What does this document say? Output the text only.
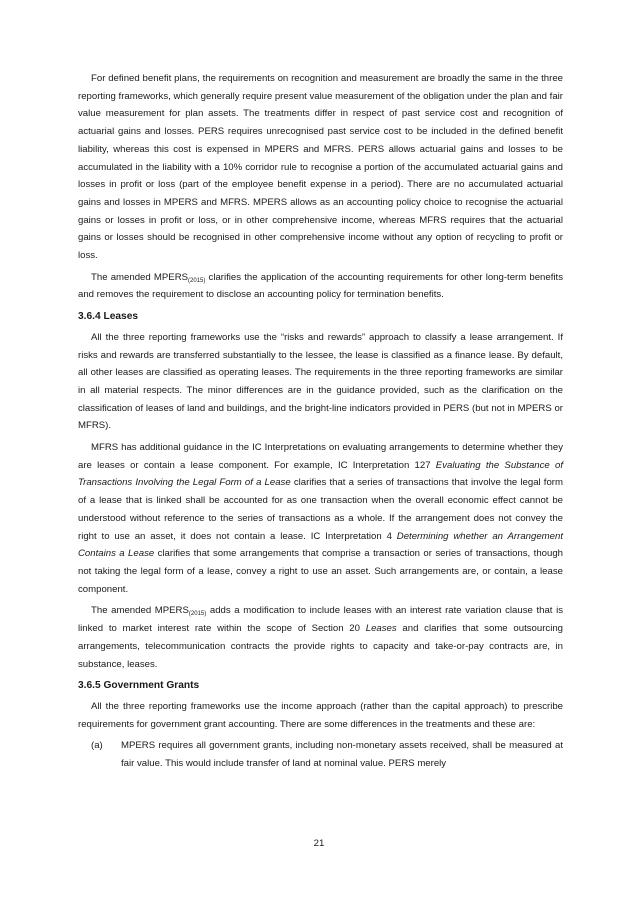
For defined benefit plans, the requirements on recognition and measurement are broadly the same in the three reporting frameworks, which generally require present value measurement of the obligation under the plan and fair value measurement for plan assets. The treatments differ in respect of past service cost and recognition of actuarial gains and losses. PERS requires unrecognised past service cost to be included in the defined benefit liability, whereas this cost is expensed in MPERS and MFRS. PERS allows actuarial gains and losses to be accumulated in the liability with a 10% corridor rule to recognise a portion of the accumulated actuarial gains and losses in profit or loss (part of the employee benefit expense in a period). There are no accumulated actuarial gains and losses in MPERS and MFRS. MPERS allows as an accounting policy choice to recognise the actuarial gains or losses in profit or loss, or in other comprehensive income, whereas MFRS requires that the actuarial gains or losses should be recognised in other comprehensive income without any option of recycling to profit or loss.

The amended $MPERS_{(2015)}$ clarifies the application of the accounting requirements for other long-term benefits and removes the requirement to disclose an accounting policy for termination benefits.

3.6.4 Leases

All the three reporting frameworks use the “risks and rewards” approach to classify a lease arrangement. If risks and rewards are transferred substantially to the lessee, the lease is classified as a finance lease. By default, all other leases are classified as operating leases. The requirements in the three reporting frameworks are similar in all material respects. The minor differences are in the guidance provided, such as the clarification on the classification of leases of land and buildings, and the bright-line indicators provided in PERS (but not in MPERS or MFRS).

MFRS has additional guidance in the IC Interpretations on evaluating arrangements to determine whether they are leases or contain a lease component. For example, IC Interpretation 127 Evaluating the Substance of Transactions Involving the Legal Form of a Lease clarifies that a series of transactions that involve the legal form of a lease that is linked shall be accounted for as one transaction when the overall economic effect cannot be understood without reference to the series of transactions as a whole. If the arrangement does not convey the right to use an asset, it does not contain a lease. IC Interpretation 4 Determining whether an Arrangement Contains a Lease clarifies that some arrangements that comprise a transaction or series of transactions, though not taking the legal form of a lease, convey a right to use an asset. Such arrangements are, or contain, a lease component.

The amended $MPERS_{(2015)}$ adds a modification to include leases with an interest rate variation clause that is linked to market interest rate within the scope of Section 20 Leases and clarifies that some outsourcing arrangements, telecommunication contracts the provide rights to capacity and take-or-pay contracts are, in substance, leases.

3.6.5 Government Grants

All the three reporting frameworks use the income approach (rather than the capital approach) to prescribe requirements for government grant accounting. There are some differences in the treatments and these are:

(a)	MPERS requires all government grants, including non-monetary assets received, shall be measured at fair value. This would include transfer of land at nominal value. PERS merely
21
